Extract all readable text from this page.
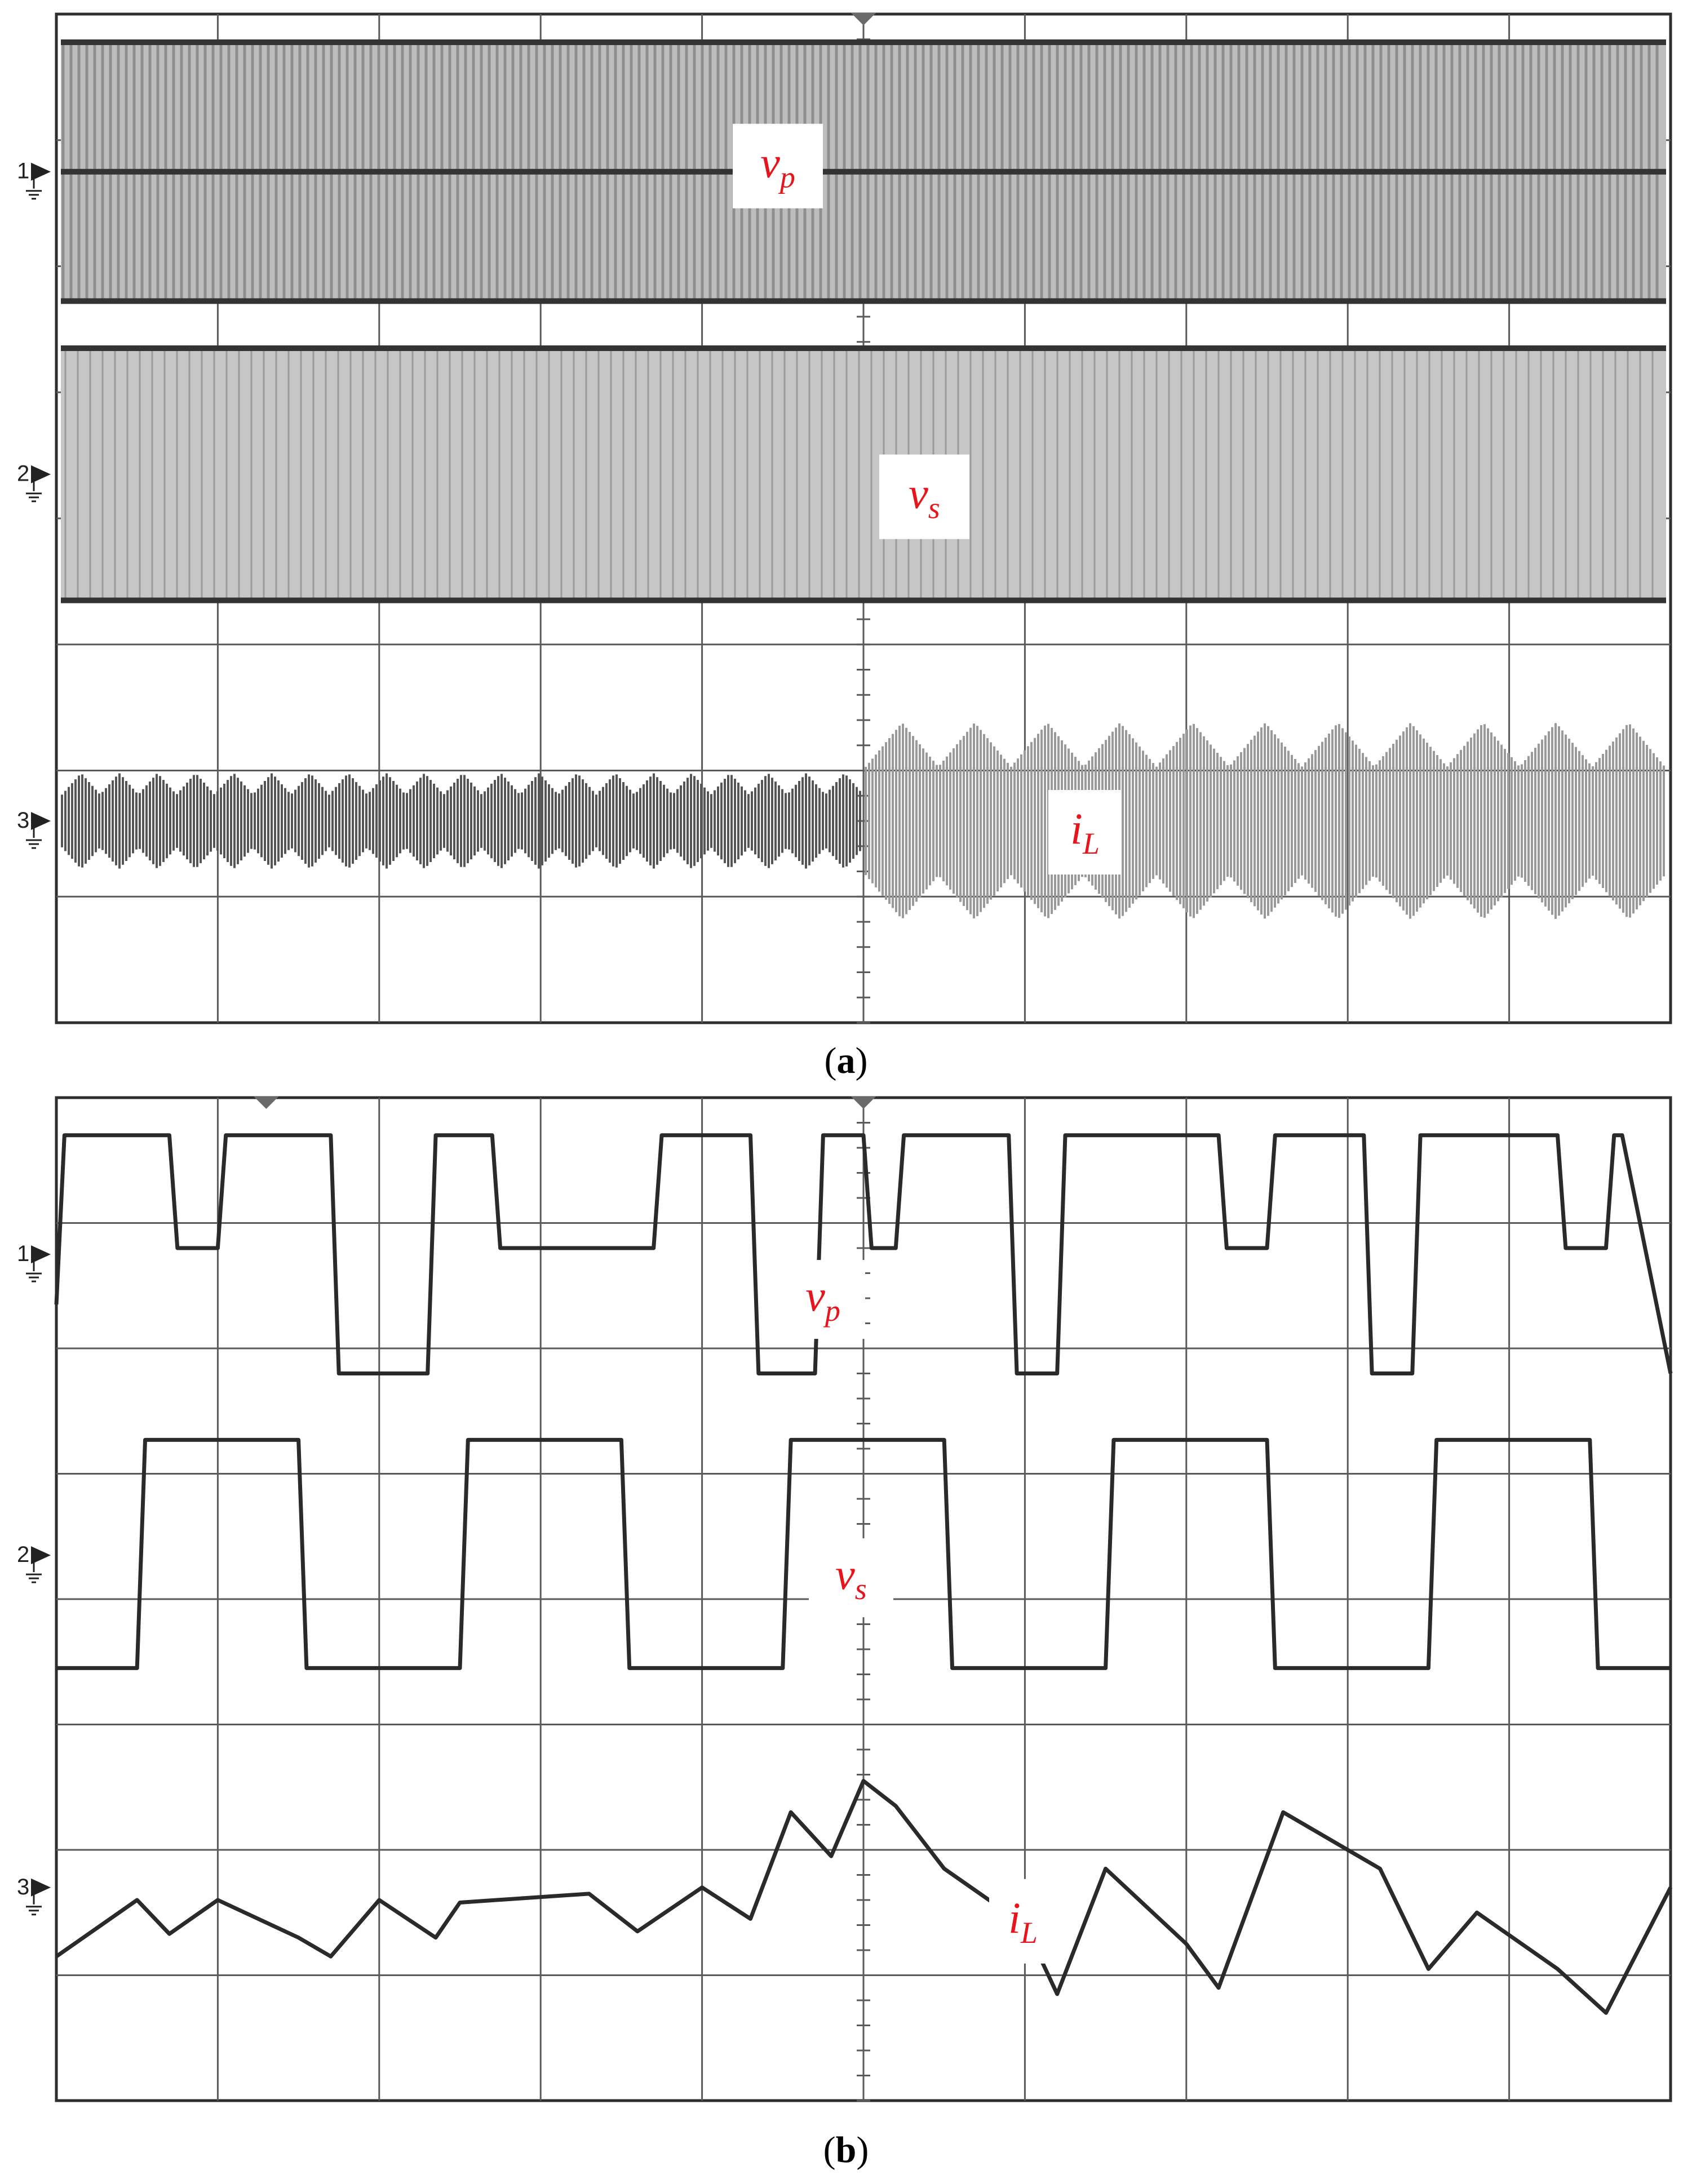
1	$v_p$
2	$v_s$
3	$i_L$
1
2
3
$v_p$
$v_s$
$i_L$
(a)
(b)
